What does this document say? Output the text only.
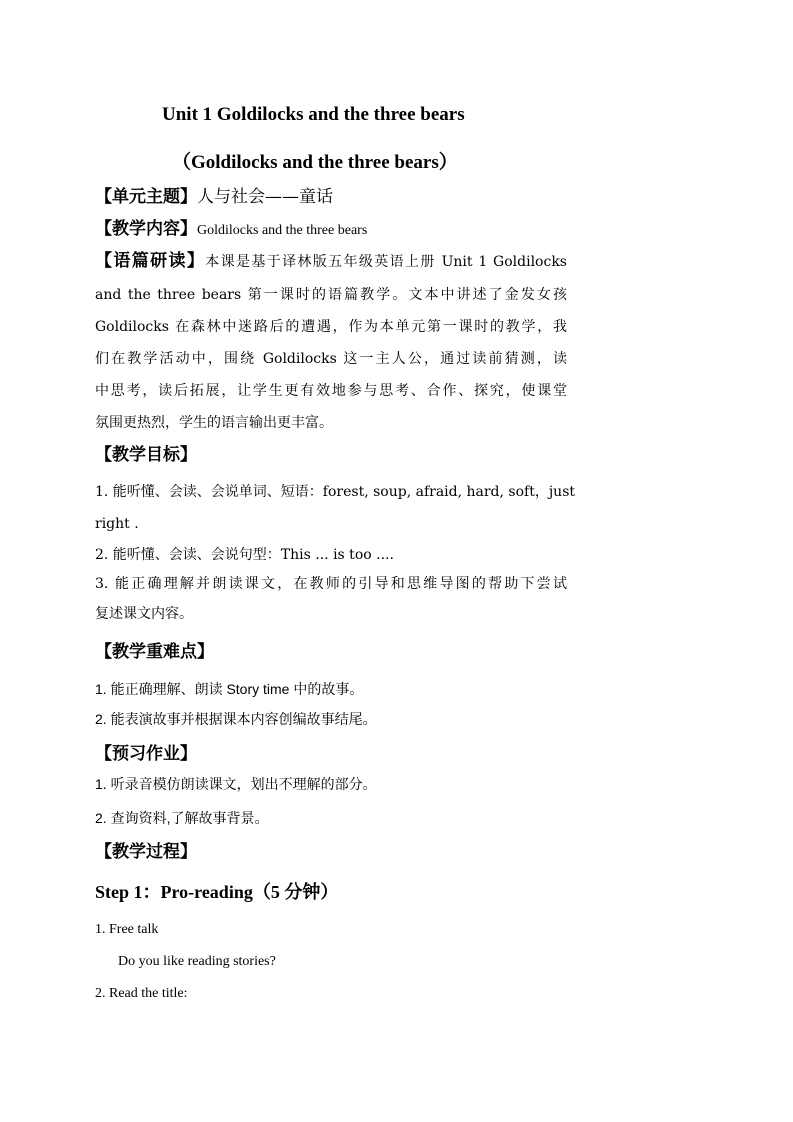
Unit 1 Goldilocks and the three bears
（Goldilocks and the three bears）
【单元主题】人与社会——童话
【教学内容】Goldilocks and the three bears
【语篇研读】本课是基于译林版五年级英语上册 Unit 1 Goldilocks
and the three bears 第一课时的语篇教学。文本中讲述了金发女孩
Goldilocks 在森林中迷路后的遭遇，作为本单元第一课时的教学，我
们在教学活动中，围绕 Goldilocks 这一主人公，通过读前猜测，读
中思考，读后拓展，让学生更有效地参与思考、合作、探究，使课堂
氛围更热烈，学生的语言输出更丰富。
【教学目标】
1. 能听懂、会读、会说单词、短语：forest, soup, afraid, hard, soft，just
right .
2. 能听懂、会读、会说句型：This ... is too ....
3. 能正确理解并朗读课文，在教师的引导和思维导图的帮助下尝试
复述课文内容。
【教学重难点】
1. 能正确理解、朗读 Story time 中的故事。
2. 能表演故事并根据课本内容创编故事结尾。
【预习作业】
1. 听录音模仿朗读课文，划出不理解的部分。
2. 查询资料,了解故事背景。
【教学过程】
Step 1：Pro-reading（5 分钟）
1. Free talk
Do you like reading stories?
2. Read the title:
